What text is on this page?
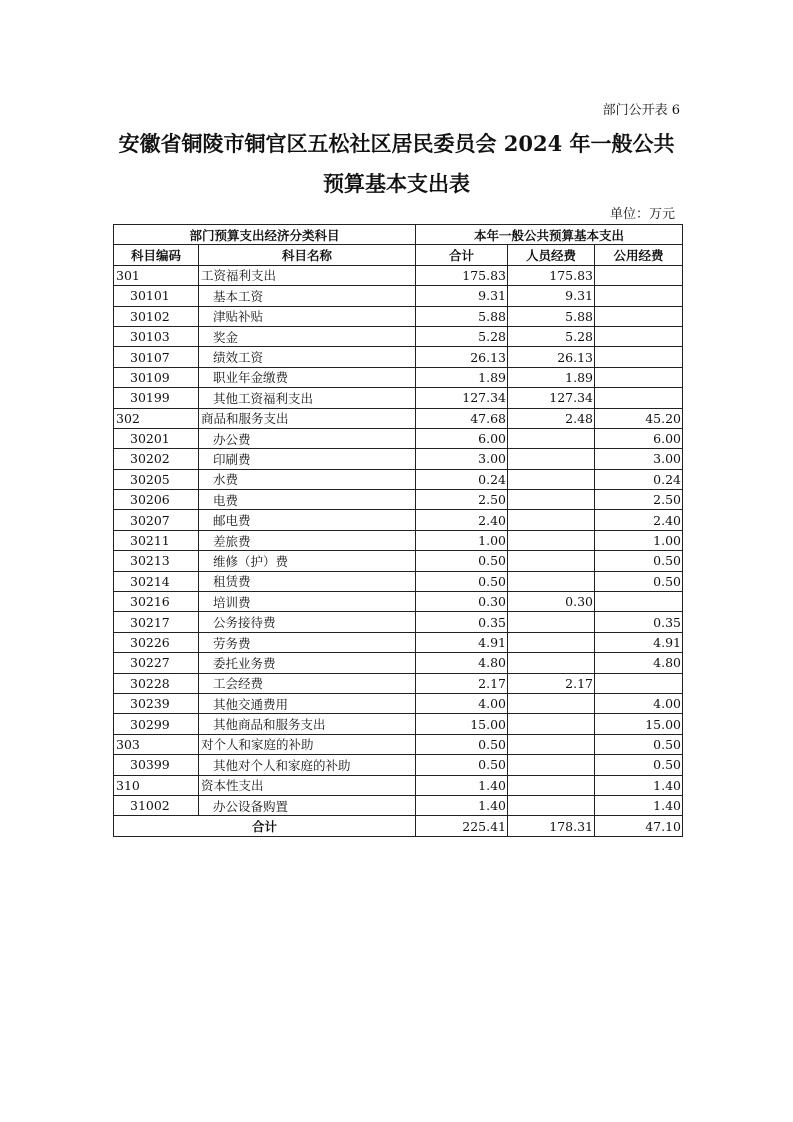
部门公开表 6
安徽省铜陵市铜官区五松社区居民委员会 2024 年一般公共
预算基本支出表
单位：万元
部门预算支出经济分类科目		本年一般公共预算基本支出		
科目编码	科目名称	合计	人员经费	公用经费
301	工资福利支出	175.83	175.83	
30101	基本工资	9.31	9.31	
30102	津贴补贴	5.88	5.88	
30103	奖金	5.28	5.28	
30107	绩效工资	26.13	26.13	
30109	职业年金缴费	1.89	1.89	
30199	其他工资福利支出	127.34	127.34	
302	商品和服务支出	47.68	2.48	45.20
30201	办公费	6.00		6.00
30202	印刷费	3.00		3.00
30205	水费	0.24		0.24
30206	电费	2.50		2.50
30207	邮电费	2.40		2.40
30211	差旅费	1.00		1.00
30213	维修（护）费	0.50		0.50
30214	租赁费	0.50		0.50
30216	培训费	0.30	0.30	
30217	公务接待费	0.35		0.35
30226	劳务费	4.91		4.91
30227	委托业务费	4.80		4.80
30228	工会经费	2.17	2.17	
30239	其他交通费用	4.00		4.00
30299	其他商品和服务支出	15.00		15.00
303	对个人和家庭的补助	0.50		0.50
30399	其他对个人和家庭的补助	0.50		0.50
310	资本性支出	1.40		1.40
31002	办公设备购置	1.40		1.40
合计		225.41	178.31	47.10
